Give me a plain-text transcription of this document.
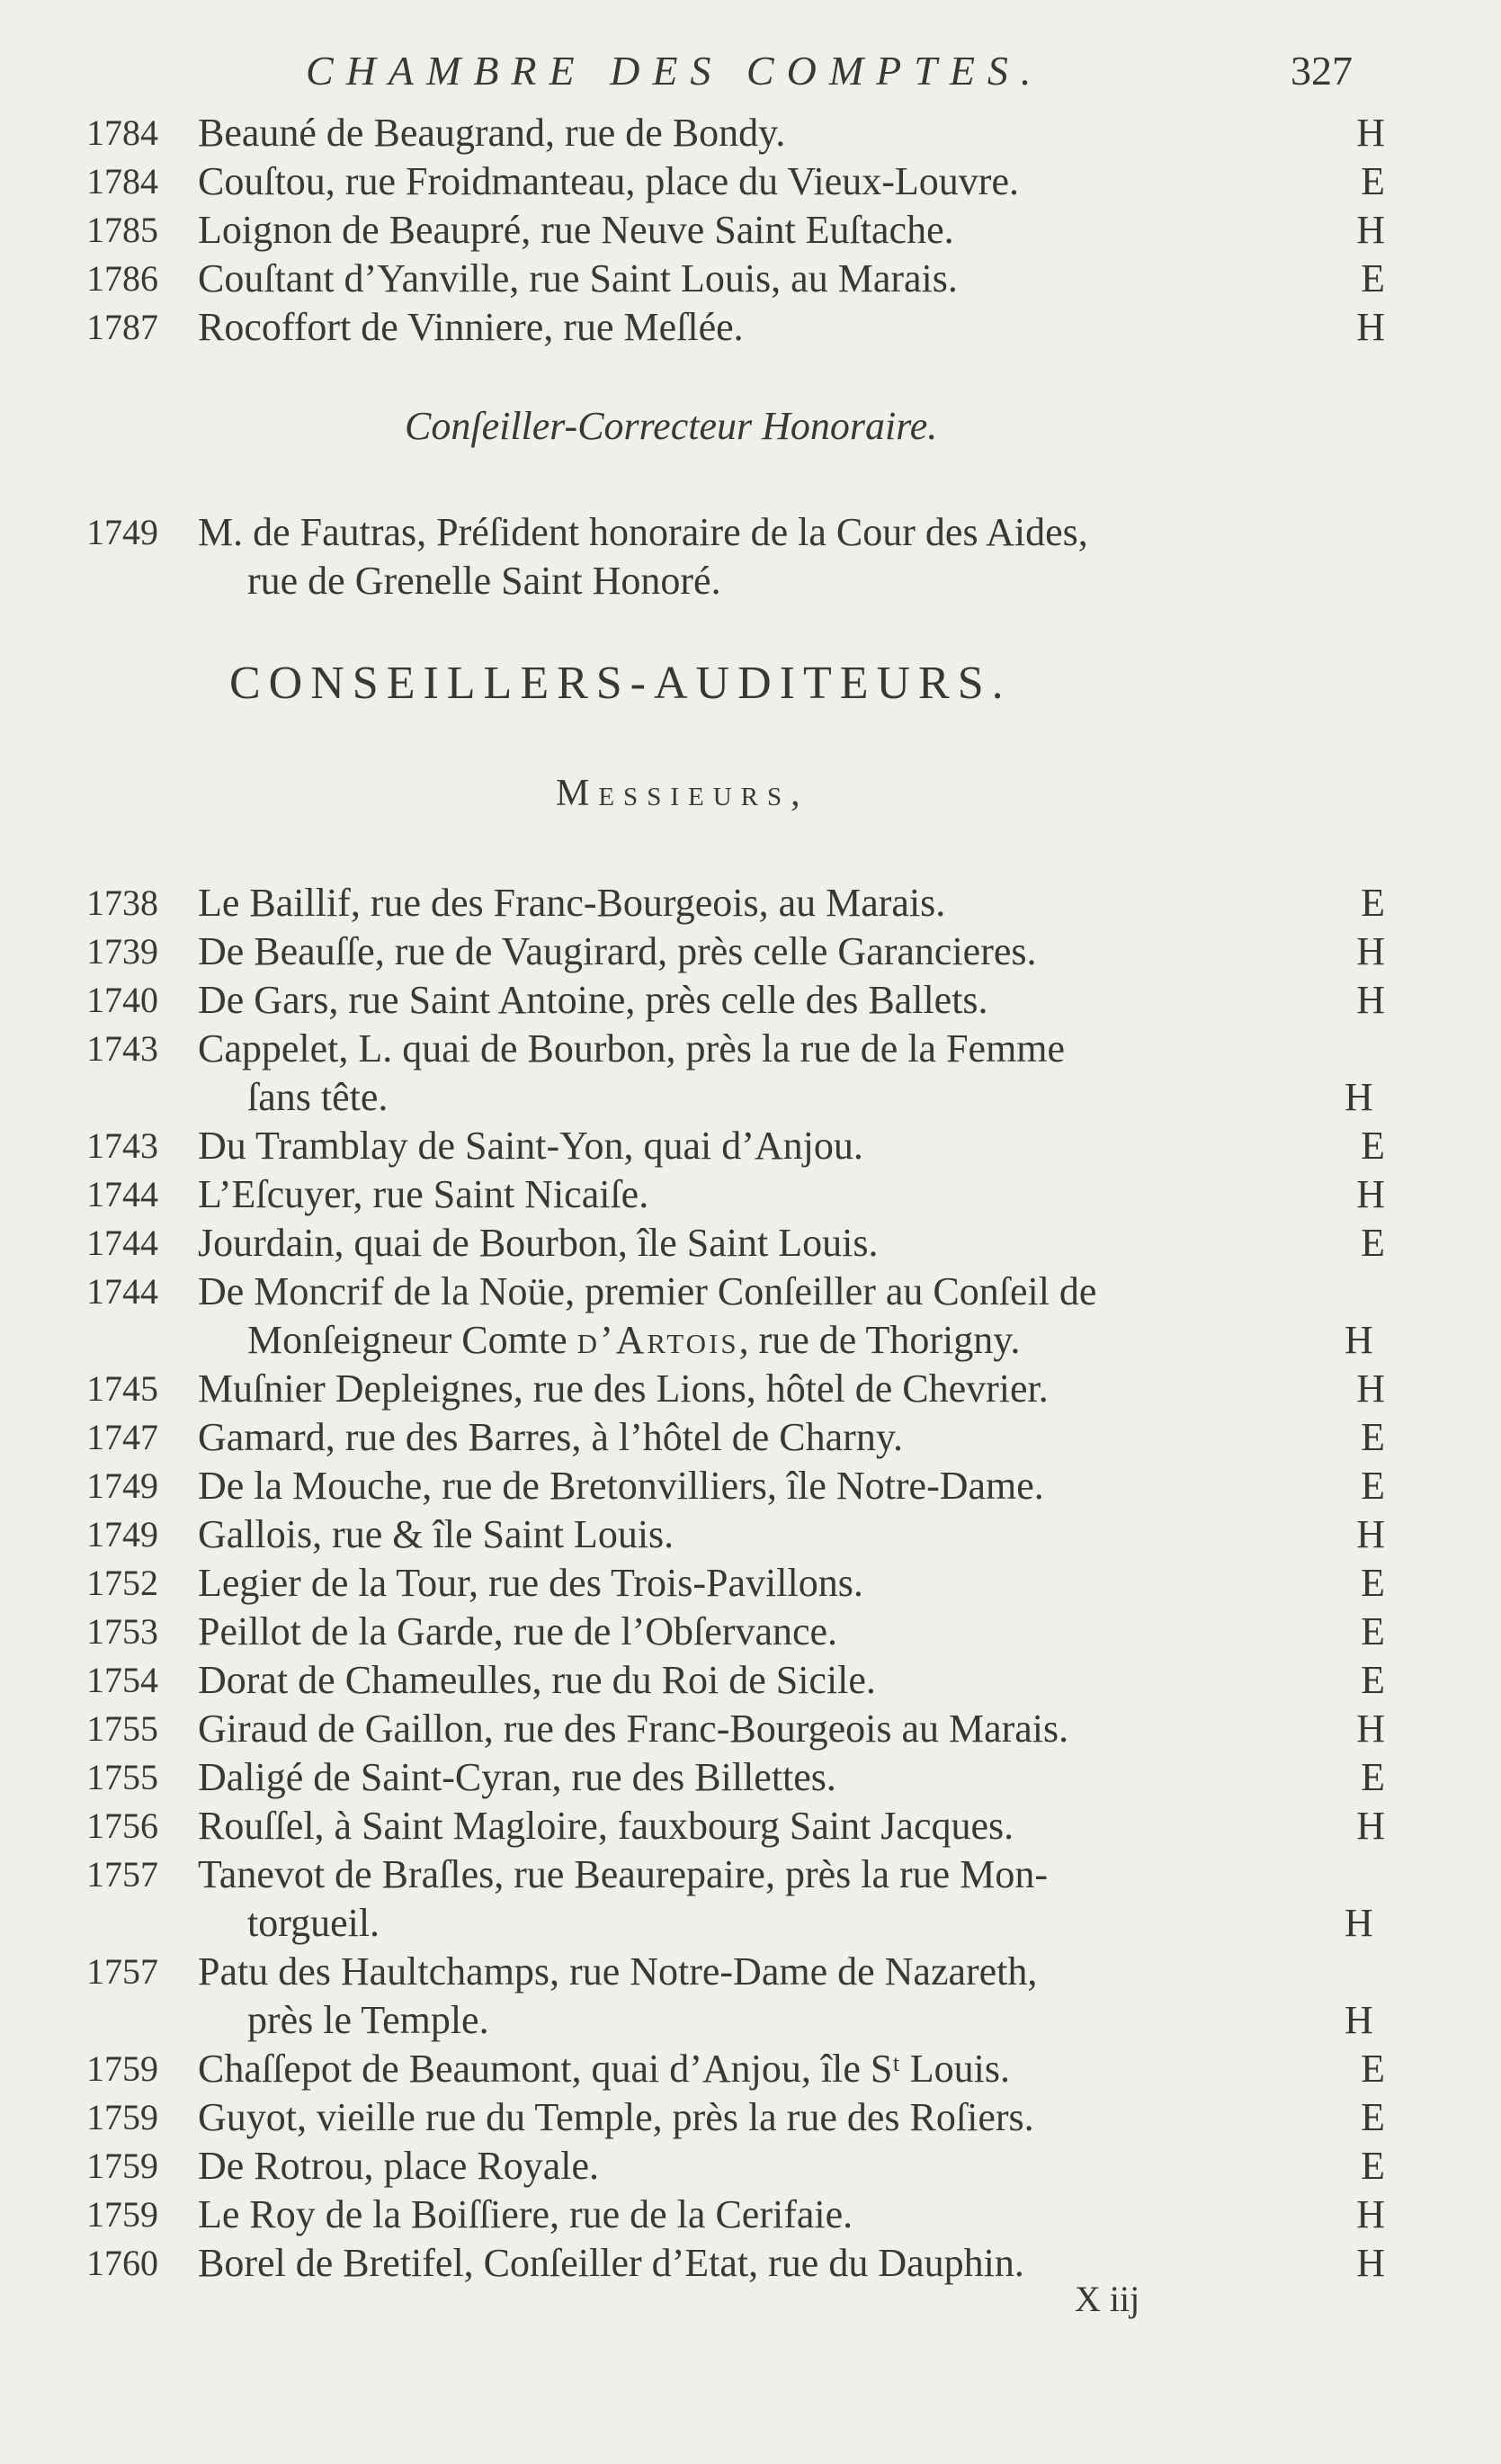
CHAMBRE DES COMPTES.	327
1784 Beauné de Beaugrand, rue de Bondy.	H
1784 Couſtou, rue Froidmanteau, place du Vieux-Louvre.	E
1785 Loignon de Beaupré, rue Neuve Saint Euſtache.	H
1786 Couſtant d’Yanville, rue Saint Louis, au Marais.	E
1787 Rocoffort de Vinniere, rue Meſlée.	H
Conſeiller-Correcteur Honoraire.
1749 M. de Fautras, Préſident honoraire de la Cour des Aides,
rue de Grenelle Saint Honoré.
CONSEILLERS-AUDITEURS.
Messieurs,
1738 Le Baillif, rue des Franc-Bourgeois, au Marais.	E
1739 De Beauſſe, rue de Vaugirard, près celle Garancieres.	H
1740 De Gars, rue Saint Antoine, près celle des Ballets.	H
1743 Cappelet, L. quai de Bourbon, près la rue de la Femme
ſans tête.	H
1743 Du Tramblay de Saint-Yon, quai d’Anjou.	E
1744 L’Eſcuyer, rue Saint Nicaiſe.	H
1744 Jourdain, quai de Bourbon, île Saint Louis.	E
1744 De Moncrif de la Noüe, premier Conſeiller au Conſeil de
Monſeigneur Comte d’Artois, rue de Thorigny.	H
1745 Muſnier Depleignes, rue des Lions, hôtel de Chevrier.	H
1747 Gamard, rue des Barres, à l’hôtel de Charny.	E
1749 De la Mouche, rue de Bretonvilliers, île Notre-Dame.	E
1749 Gallois, rue & île Saint Louis.	H
1752 Legier de la Tour, rue des Trois-Pavillons.	E
1753 Peillot de la Garde, rue de l’Obſervance.	E
1754 Dorat de Chameulles, rue du Roi de Sicile.	E
1755 Giraud de Gaillon, rue des Franc-Bourgeois au Marais.	H
1755 Daligé de Saint-Cyran, rue des Billettes.	E
1756 Rouſſel, à Saint Magloire, fauxbourg Saint Jacques.	H
1757 Tanevot de Braſles, rue Beaurepaire, près la rue Mon-
torgueil.	H
1757 Patu des Haultchamps, rue Notre-Dame de Nazareth,
près le Temple.	H
1759 Chaſſepot de Beaumont, quai d’Anjou, île Sᵗ Louis.	E
1759 Guyot, vieille rue du Temple, près la rue des Roſiers.	E
1759 De Rotrou, place Royale.	E
1759 Le Roy de la Boiſſiere, rue de la Cerifaie.	H
1760 Borel de Bretifel, Conſeiller d’Etat, rue du Dauphin.	H
X iij
